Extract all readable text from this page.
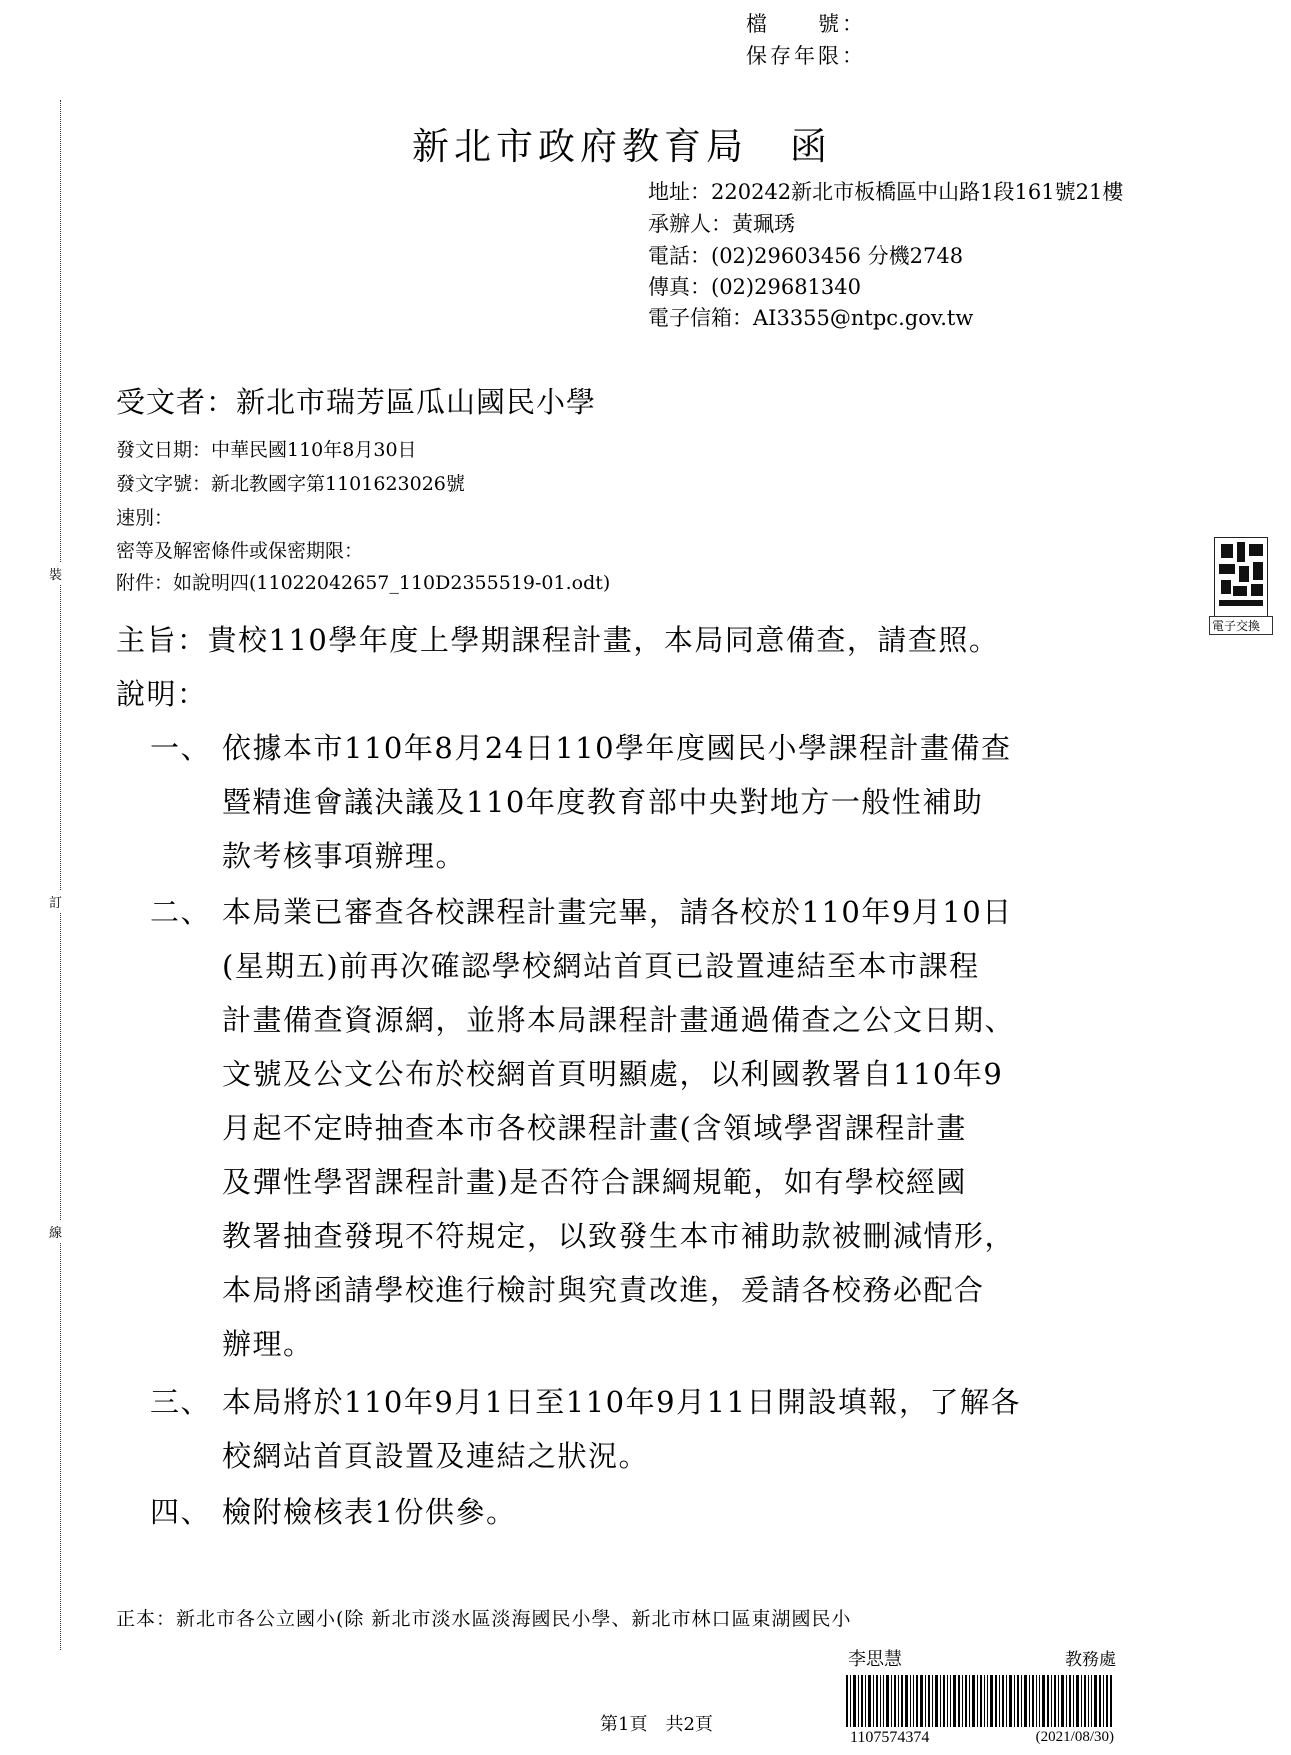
裝
訂
線
檔　　號：
保存年限：
新北市政府教育局　函
地址：220242新北市板橋區中山路1段161號21樓
承辦人：黃珮琇
電話：(02)29603456 分機2748
傳真：(02)29681340
電子信箱：AI3355@ntpc.gov.tw
受文者：新北市瑞芳區瓜山國民小學
發文日期：中華民國110年8月30日
發文字號：新北教國字第1101623026號
速別：
密等及解密條件或保密期限：
附件：如說明四(11022042657_110D2355519-01.odt)
電子交換
主旨：貴校110學年度上學期課程計畫，本局同意備查，請查照。
說明：
一、 依據本市110年8月24日110學年度國民小學課程計畫備查
暨精進會議決議及110年度教育部中央對地方一般性補助
款考核事項辦理。
二、 本局業已審查各校課程計畫完畢，請各校於110年9月10日
(星期五)前再次確認學校網站首頁已設置連結至本市課程
計畫備查資源網，並將本局課程計畫通過備查之公文日期、
文號及公文公布於校網首頁明顯處，以利國教署自110年9
月起不定時抽查本市各校課程計畫(含領域學習課程計畫
及彈性學習課程計畫)是否符合課綱規範，如有學校經國
教署抽查發現不符規定，以致發生本市補助款被刪減情形，
本局將函請學校進行檢討與究責改進，爰請各校務必配合
辦理。
三、 本局將於110年9月1日至110年9月11日開設填報，了解各
校網站首頁設置及連結之狀況。
四、 檢附檢核表1份供參。
正本：新北市各公立國小(除 新北市淡水區淡海國民小學、新北市林口區東湖國民小
李思慧	教務處
1107574374	(2021/08/30)
第1頁　共2頁
